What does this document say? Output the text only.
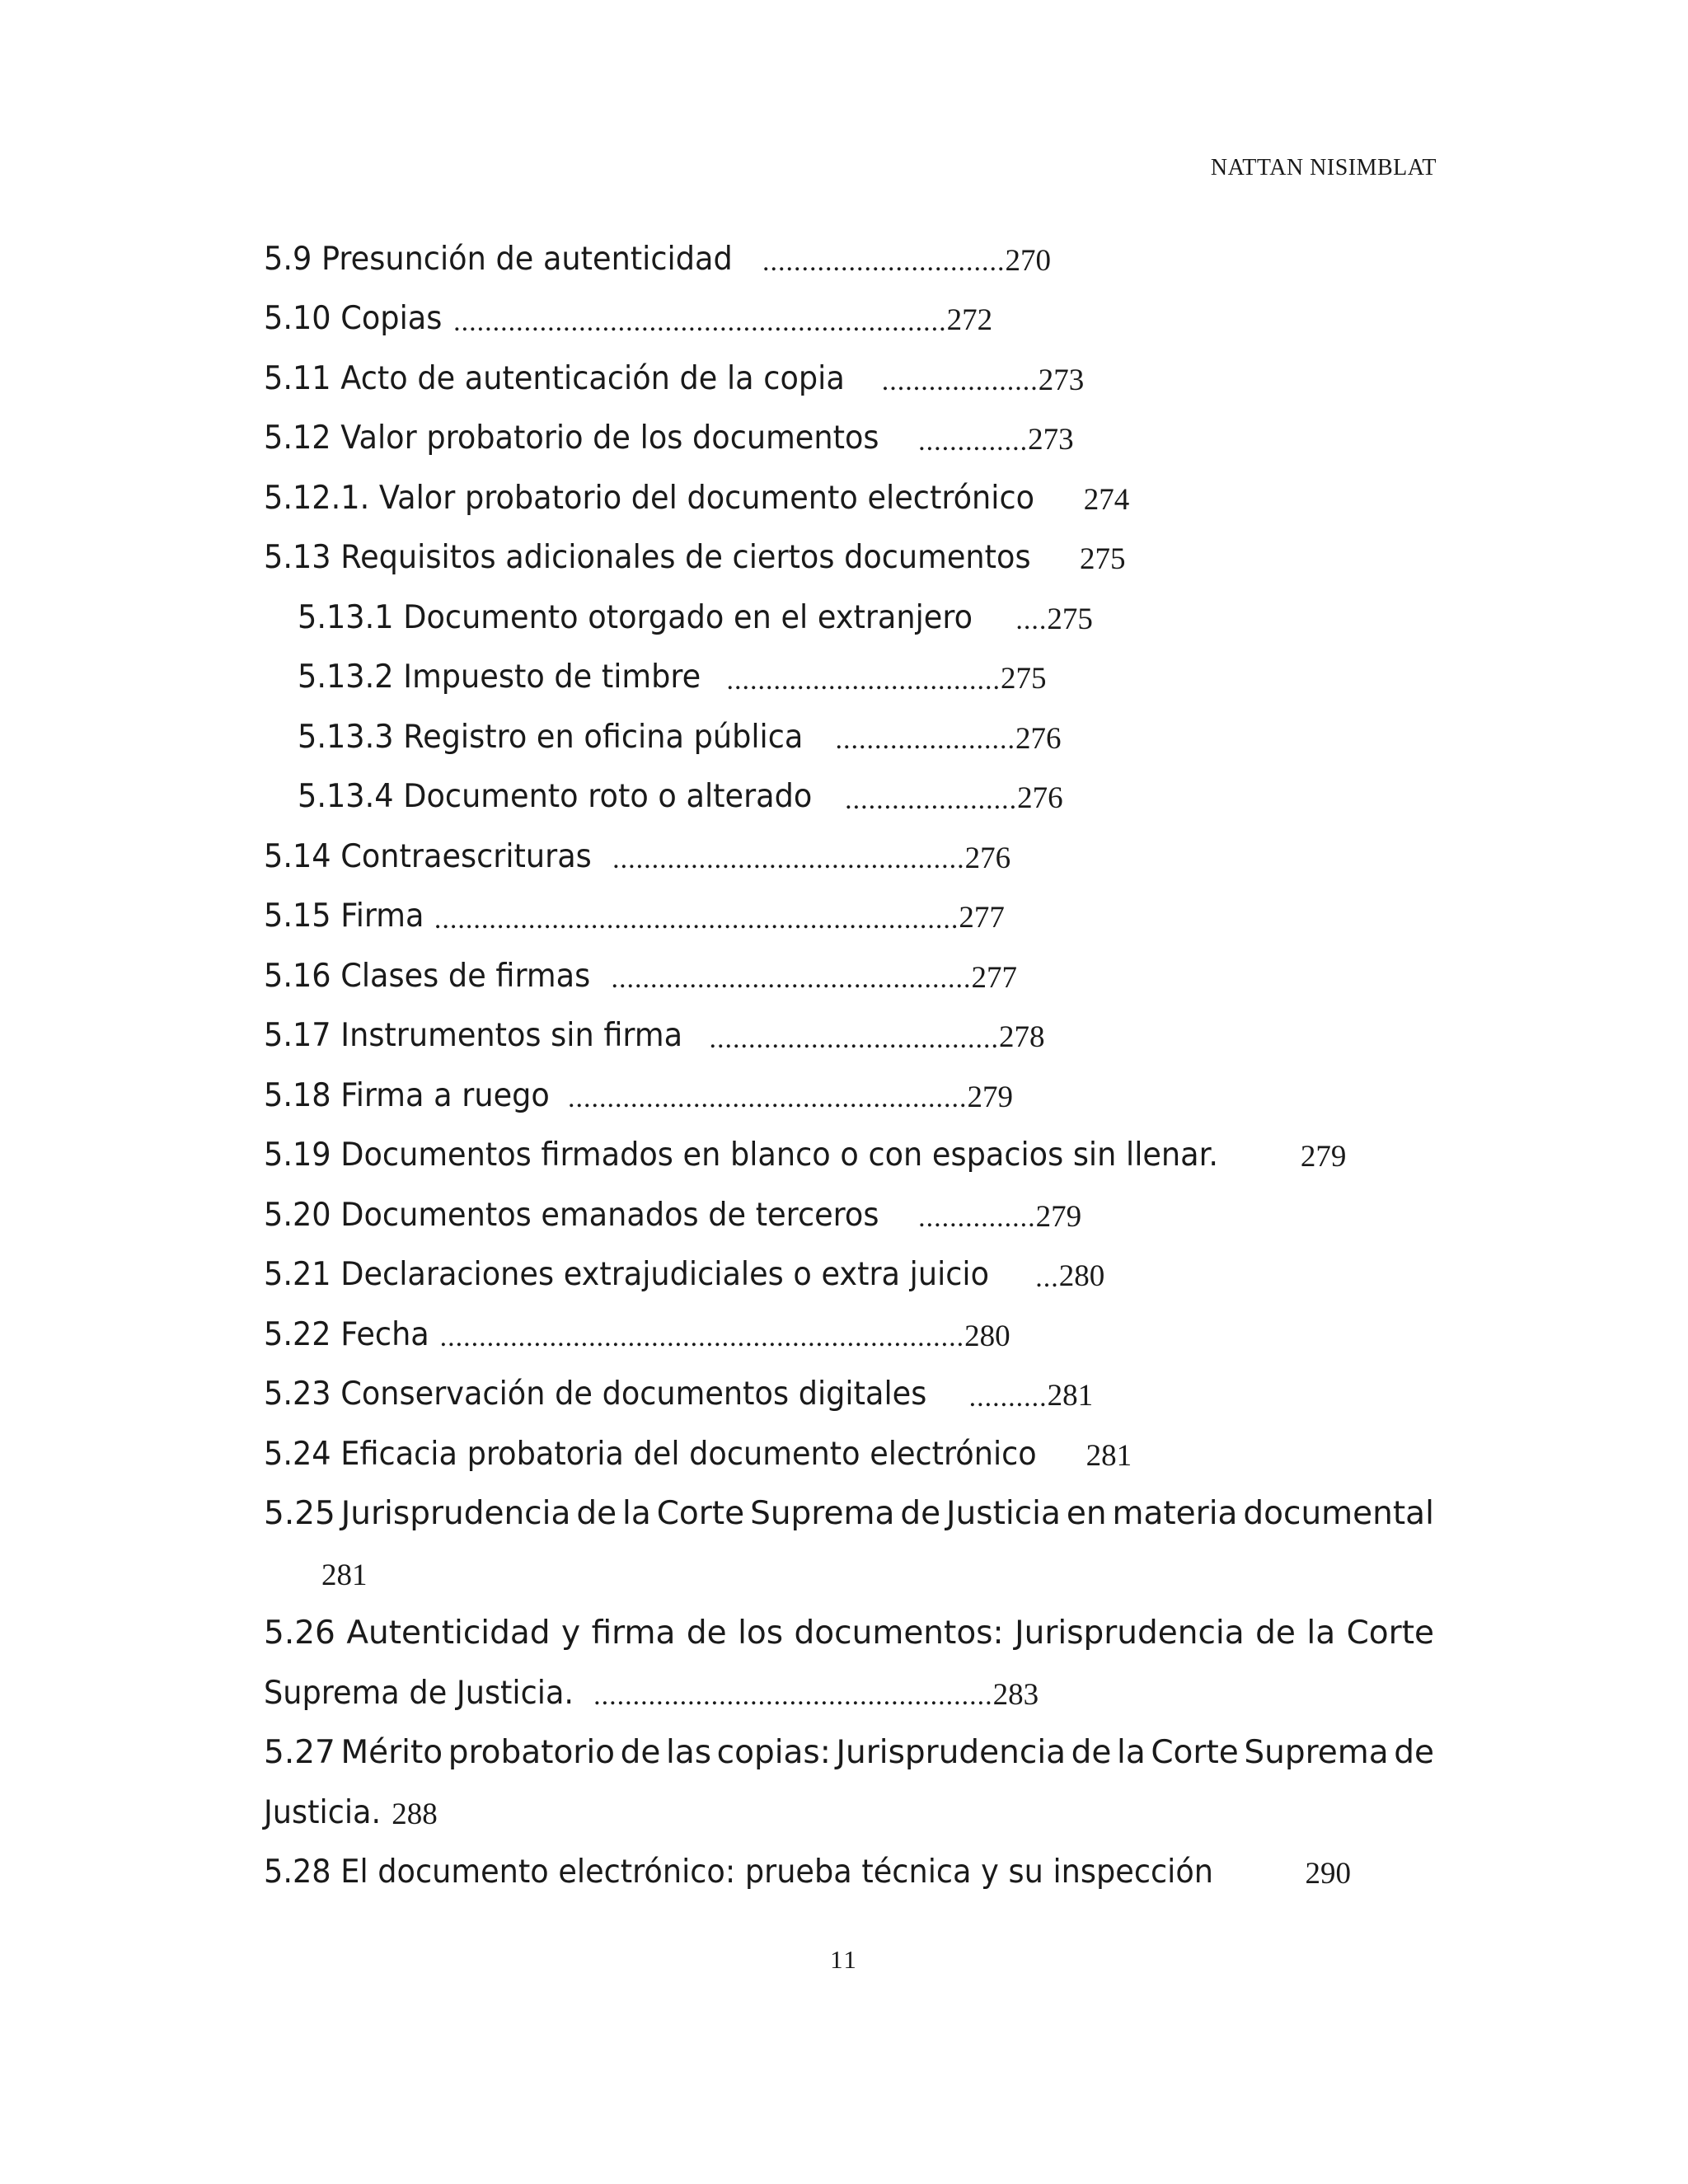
NATTAN NISIMBLAT
5.9 Presunción de autenticidad ............................... 270
5.10 Copias ............................................................... 272
5.11 Acto de autenticación de la copia .................... 273
5.12 Valor probatorio de los documentos .............. 273
5.12.1. Valor probatorio del documento electrónico 274
5.13 Requisitos adicionales de ciertos documentos 275
5.13.1 Documento otorgado en el extranjero .... 275
5.13.2 Impuesto de timbre ................................... 275
5.13.3 Registro en oficina pública ....................... 276
5.13.4 Documento roto o alterado ...................... 276
5.14 Contraescrituras ............................................. 276
5.15 Firma ................................................................... 277
5.16 Clases de firmas .............................................. 277
5.17 Instrumentos sin firma ..................................... 278
5.18 Firma a ruego ................................................... 279
5.19 Documentos firmados en blanco o con espacios sin llenar.	279
5.20 Documentos emanados de terceros ............... 279
5.21 Declaraciones extrajudiciales o extra juicio ... 280
5.22 Fecha ................................................................... 280
5.23 Conservación de documentos digitales .......... 281
5.24 Eficacia probatoria del documento electrónico 281
5.25 Jurisprudencia de la Corte Suprema de Justicia en materia documental
281
5.26 Autenticidad y firma de los documentos: Jurisprudencia de la Corte
Suprema de Justicia. ................................................... 283
5.27 Mérito probatorio de las copias: Jurisprudencia de la Corte Suprema de
Justicia. 288
5.28 El documento electrónico: prueba técnica y su inspección	290
11
